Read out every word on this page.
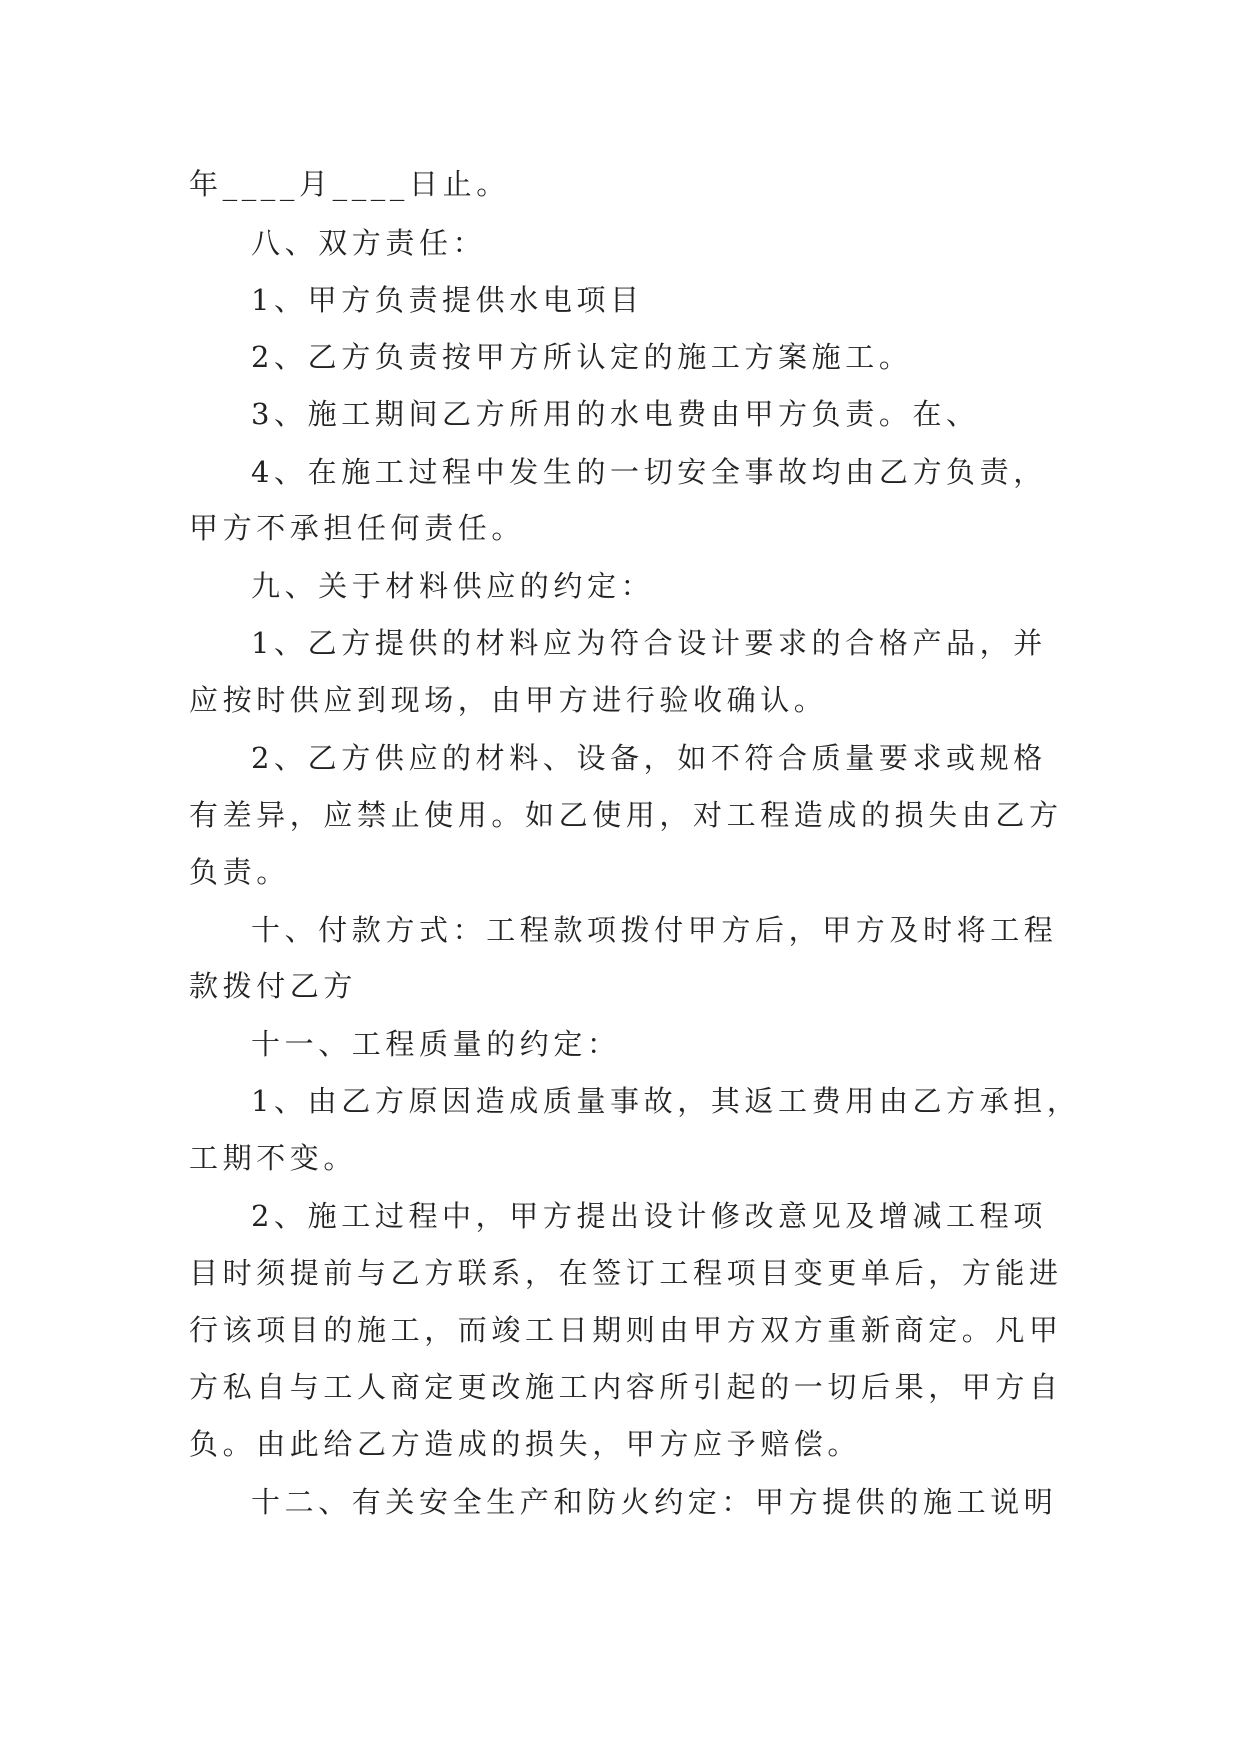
年____月____日止。
八、双方责任：
1、甲方负责提供水电项目
2、乙方负责按甲方所认定的施工方案施工。
3、施工期间乙方所用的水电费由甲方负责。在、
4、在施工过程中发生的一切安全事故均由乙方负责，
甲方不承担任何责任。
九、关于材料供应的约定：
1、乙方提供的材料应为符合设计要求的合格产品，并
应按时供应到现场，由甲方进行验收确认。
2、乙方供应的材料、设备，如不符合质量要求或规格
有差异，应禁止使用。如乙使用，对工程造成的损失由乙方
负责。
十、付款方式：工程款项拨付甲方后，甲方及时将工程
款拨付乙方
十一、工程质量的约定：
1、由乙方原因造成质量事故，其返工费用由乙方承担，
工期不变。
2、施工过程中，甲方提出设计修改意见及增减工程项
目时须提前与乙方联系，在签订工程项目变更单后，方能进
行该项目的施工，而竣工日期则由甲方双方重新商定。凡甲
方私自与工人商定更改施工内容所引起的一切后果，甲方自
负。由此给乙方造成的损失，甲方应予赔偿。
十二、有关安全生产和防火约定：甲方提供的施工说明
